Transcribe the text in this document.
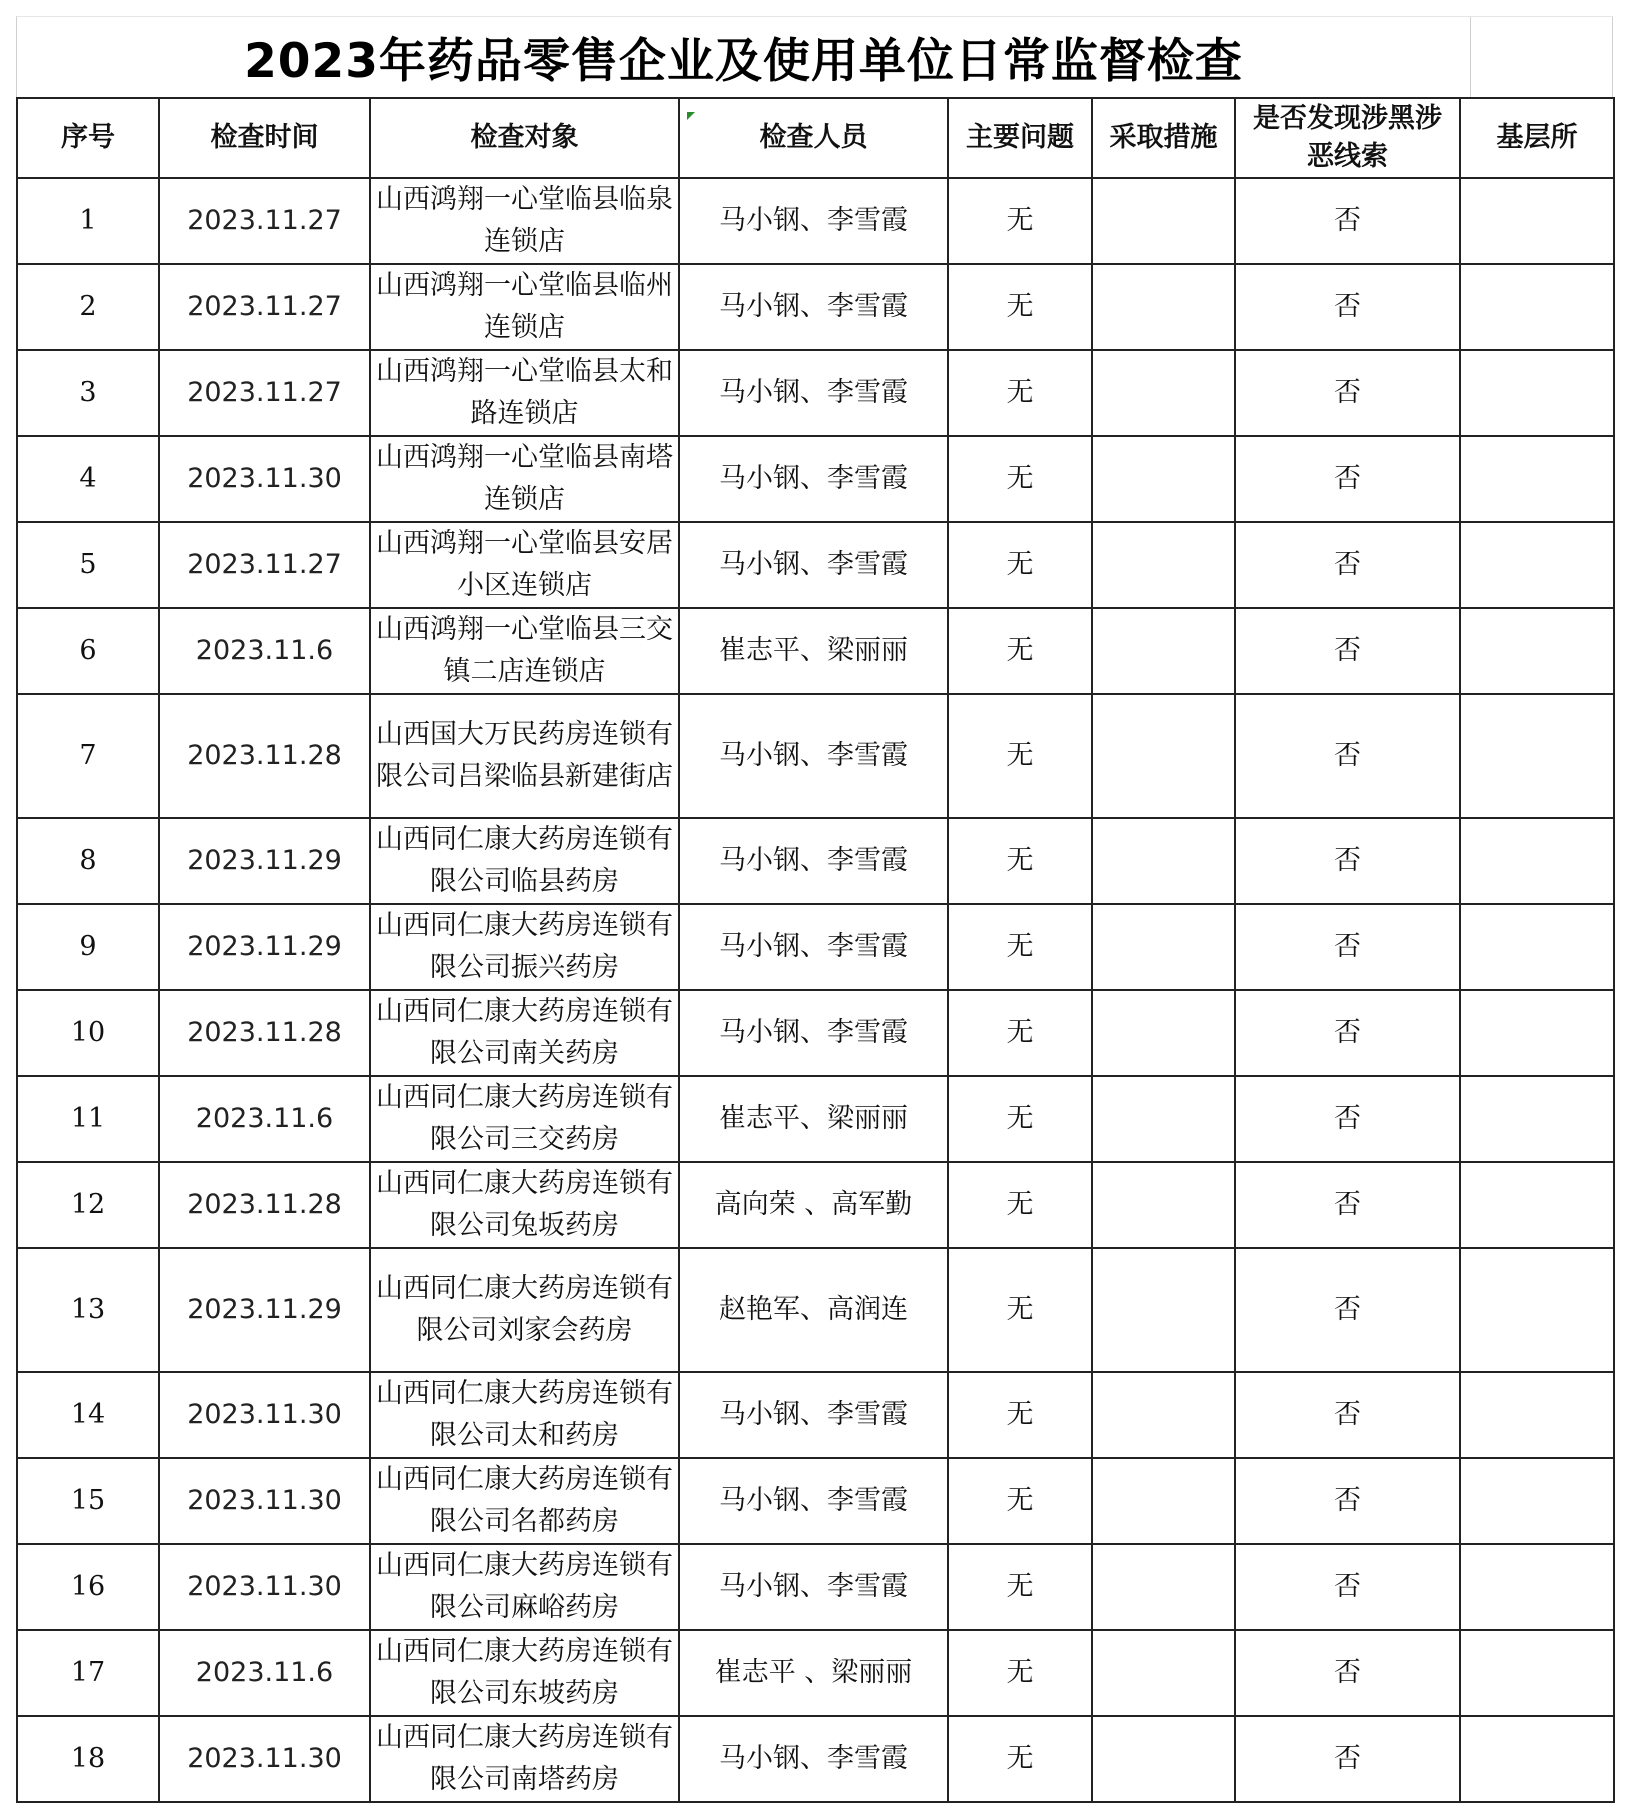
2023年药品零售企业及使用单位日常监督检查
序号	检查时间	检查对象	检查人员	主要问题	采取措施	是否发现涉黑涉恶线索	基层所
1	2023.11.27	山西鸿翔一心堂临县临泉连锁店	马小钢、李雪霞	无		否	
2	2023.11.27	山西鸿翔一心堂临县临州连锁店	马小钢、李雪霞	无		否	
3	2023.11.27	山西鸿翔一心堂临县太和路连锁店	马小钢、李雪霞	无		否	
4	2023.11.30	山西鸿翔一心堂临县南塔连锁店	马小钢、李雪霞	无		否	
5	2023.11.27	山西鸿翔一心堂临县安居小区连锁店	马小钢、李雪霞	无		否	
6	2023.11.6	山西鸿翔一心堂临县三交镇二店连锁店	崔志平、梁丽丽	无		否	
7	2023.11.28	山西国大万民药房连锁有限公司吕梁临县新建街店	马小钢、李雪霞	无		否	
8	2023.11.29	山西同仁康大药房连锁有限公司临县药房	马小钢、李雪霞	无		否	
9	2023.11.29	山西同仁康大药房连锁有限公司振兴药房	马小钢、李雪霞	无		否	
10	2023.11.28	山西同仁康大药房连锁有限公司南关药房	马小钢、李雪霞	无		否	
11	2023.11.6	山西同仁康大药房连锁有限公司三交药房	崔志平、梁丽丽	无		否	
12	2023.11.28	山西同仁康大药房连锁有限公司兔坂药房	高向荣 、高军勤	无		否	
13	2023.11.29	山西同仁康大药房连锁有限公司刘家会药房	赵艳军、高润连	无		否	
14	2023.11.30	山西同仁康大药房连锁有限公司太和药房	马小钢、李雪霞	无		否	
15	2023.11.30	山西同仁康大药房连锁有限公司名都药房	马小钢、李雪霞	无		否	
16	2023.11.30	山西同仁康大药房连锁有限公司麻峪药房	马小钢、李雪霞	无		否	
17	2023.11.6	山西同仁康大药房连锁有限公司东坡药房	崔志平 、梁丽丽	无		否	
18	2023.11.30	山西同仁康大药房连锁有限公司南塔药房	马小钢、李雪霞	无		否	
